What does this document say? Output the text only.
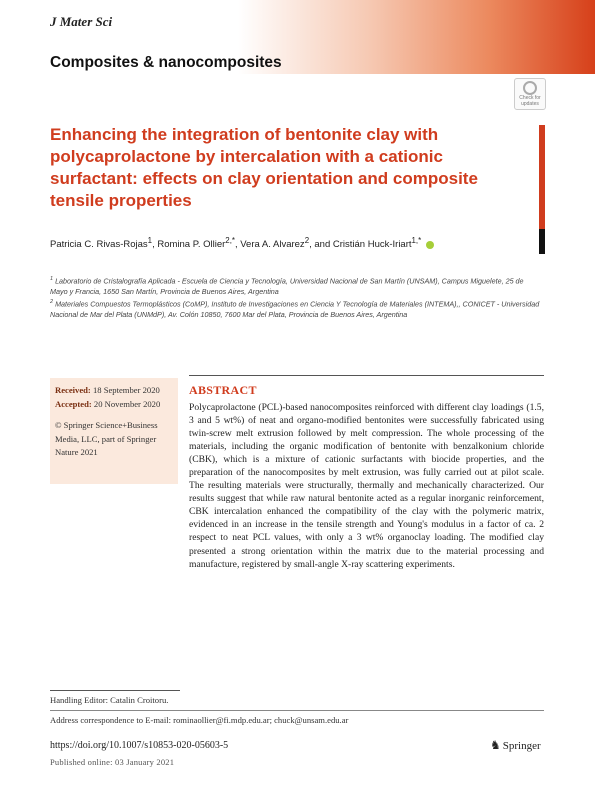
J Mater Sci
Composites & nanocomposites
Check for
updates
Enhancing the integration of bentonite clay with polycaprolactone by intercalation with a cationic surfactant: effects on clay orientation and composite tensile properties
Patricia C. Rivas-Rojas$^1$, Romina P. Ollier$^{2,*}$, Vera A. Alvarez$^2$, and Cristián Huck-Iriart$^{1,*}$
$^1$ Laboratorio de Cristalografía Aplicada - Escuela de Ciencia y Tecnología, Universidad Nacional de San Martín (UNSAM), Campus Miguelete, 25 de Mayo y Francia, 1650 San Martín, Provincia de Buenos Aires, Argentina
$^2$ Materiales Compuestos Termoplásticos (CoMP), Instituto de Investigaciones en Ciencia Y Tecnología de Materiales (INTEMA),, CONICET - Universidad Nacional de Mar del Plata (UNMdP), Av. Colón 10850, 7600 Mar del Plata, Provincia de Buenos Aires, Argentina
Received: 18 September 2020
Accepted: 20 November 2020
© Springer Science+Business Media, LLC, part of Springer Nature 2021
ABSTRACT

Polycaprolactone (PCL)-based nanocomposites reinforced with different clay loadings (1.5, 3 and 5 wt%) of neat and organo-modified bentonites were successfully fabricated using twin-screw melt extrusion followed by melt compression. The whole processing of the materials, including the organic modification of bentonite with benzalkonium chloride (CBK), which is a mixture of cationic surfactants with biocide properties, and the preparation of the nanocomposites by melt extrusion, was fully carried out at pilot scale. The resulting materials were structurally, thermally and mechanically characterized. Our results suggest that while raw natural bentonite acted as a regular inorganic reinforcement, CBK intercalation enhanced the compatibility of the clay with the polymeric matrix, evidenced in an increase in the tensile strength and Young's modulus in a factor of ca. 2 respect to neat PCL values, with only a 3 wt% organoclay loading. The modified clay presented a strong orientation within the matrix due to the material processing and manufacture, registered by small-angle X-ray scattering experiments.

Handling Editor: Catalin Croitoru.
Address correspondence to E-mail: rominaollier@fi.mdp.edu.ar; chuck@unsam.edu.ar
https://doi.org/10.1007/s10853-020-05603-5	♞ Springer
Published online: 03 January 2021
